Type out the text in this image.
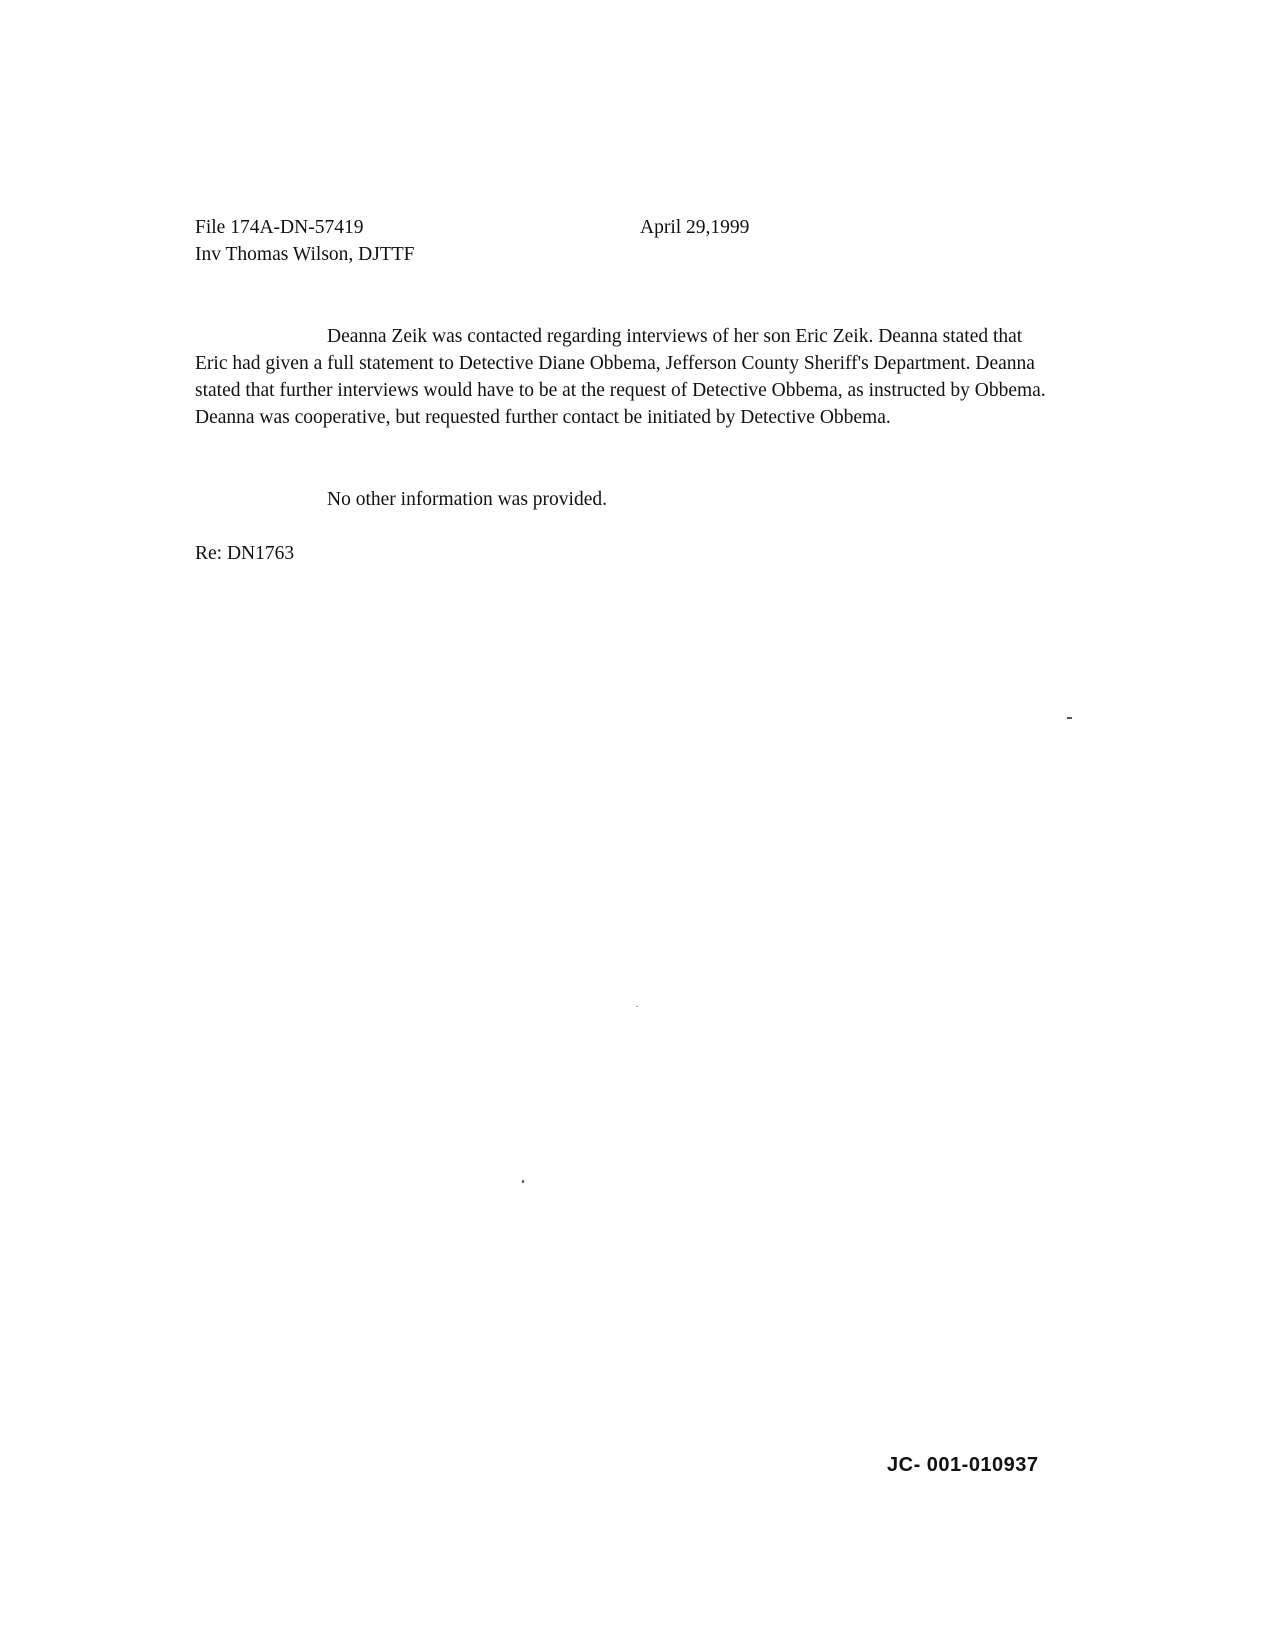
File 174A-DN-57419
Inv Thomas Wilson, DJTTF
April 29,1999

Deanna Zeik was contacted regarding interviews of her son Eric Zeik. Deanna stated that Eric had given a full statement to Detective Diane Obbema, Jefferson County Sheriff's Department. Deanna stated that further interviews would have to be at the request of Detective Obbema, as instructed by Obbema. Deanna was cooperative, but requested further contact be initiated by Detective Obbema.

No other information was provided.

Re: DN1763
JC- 001-010937
